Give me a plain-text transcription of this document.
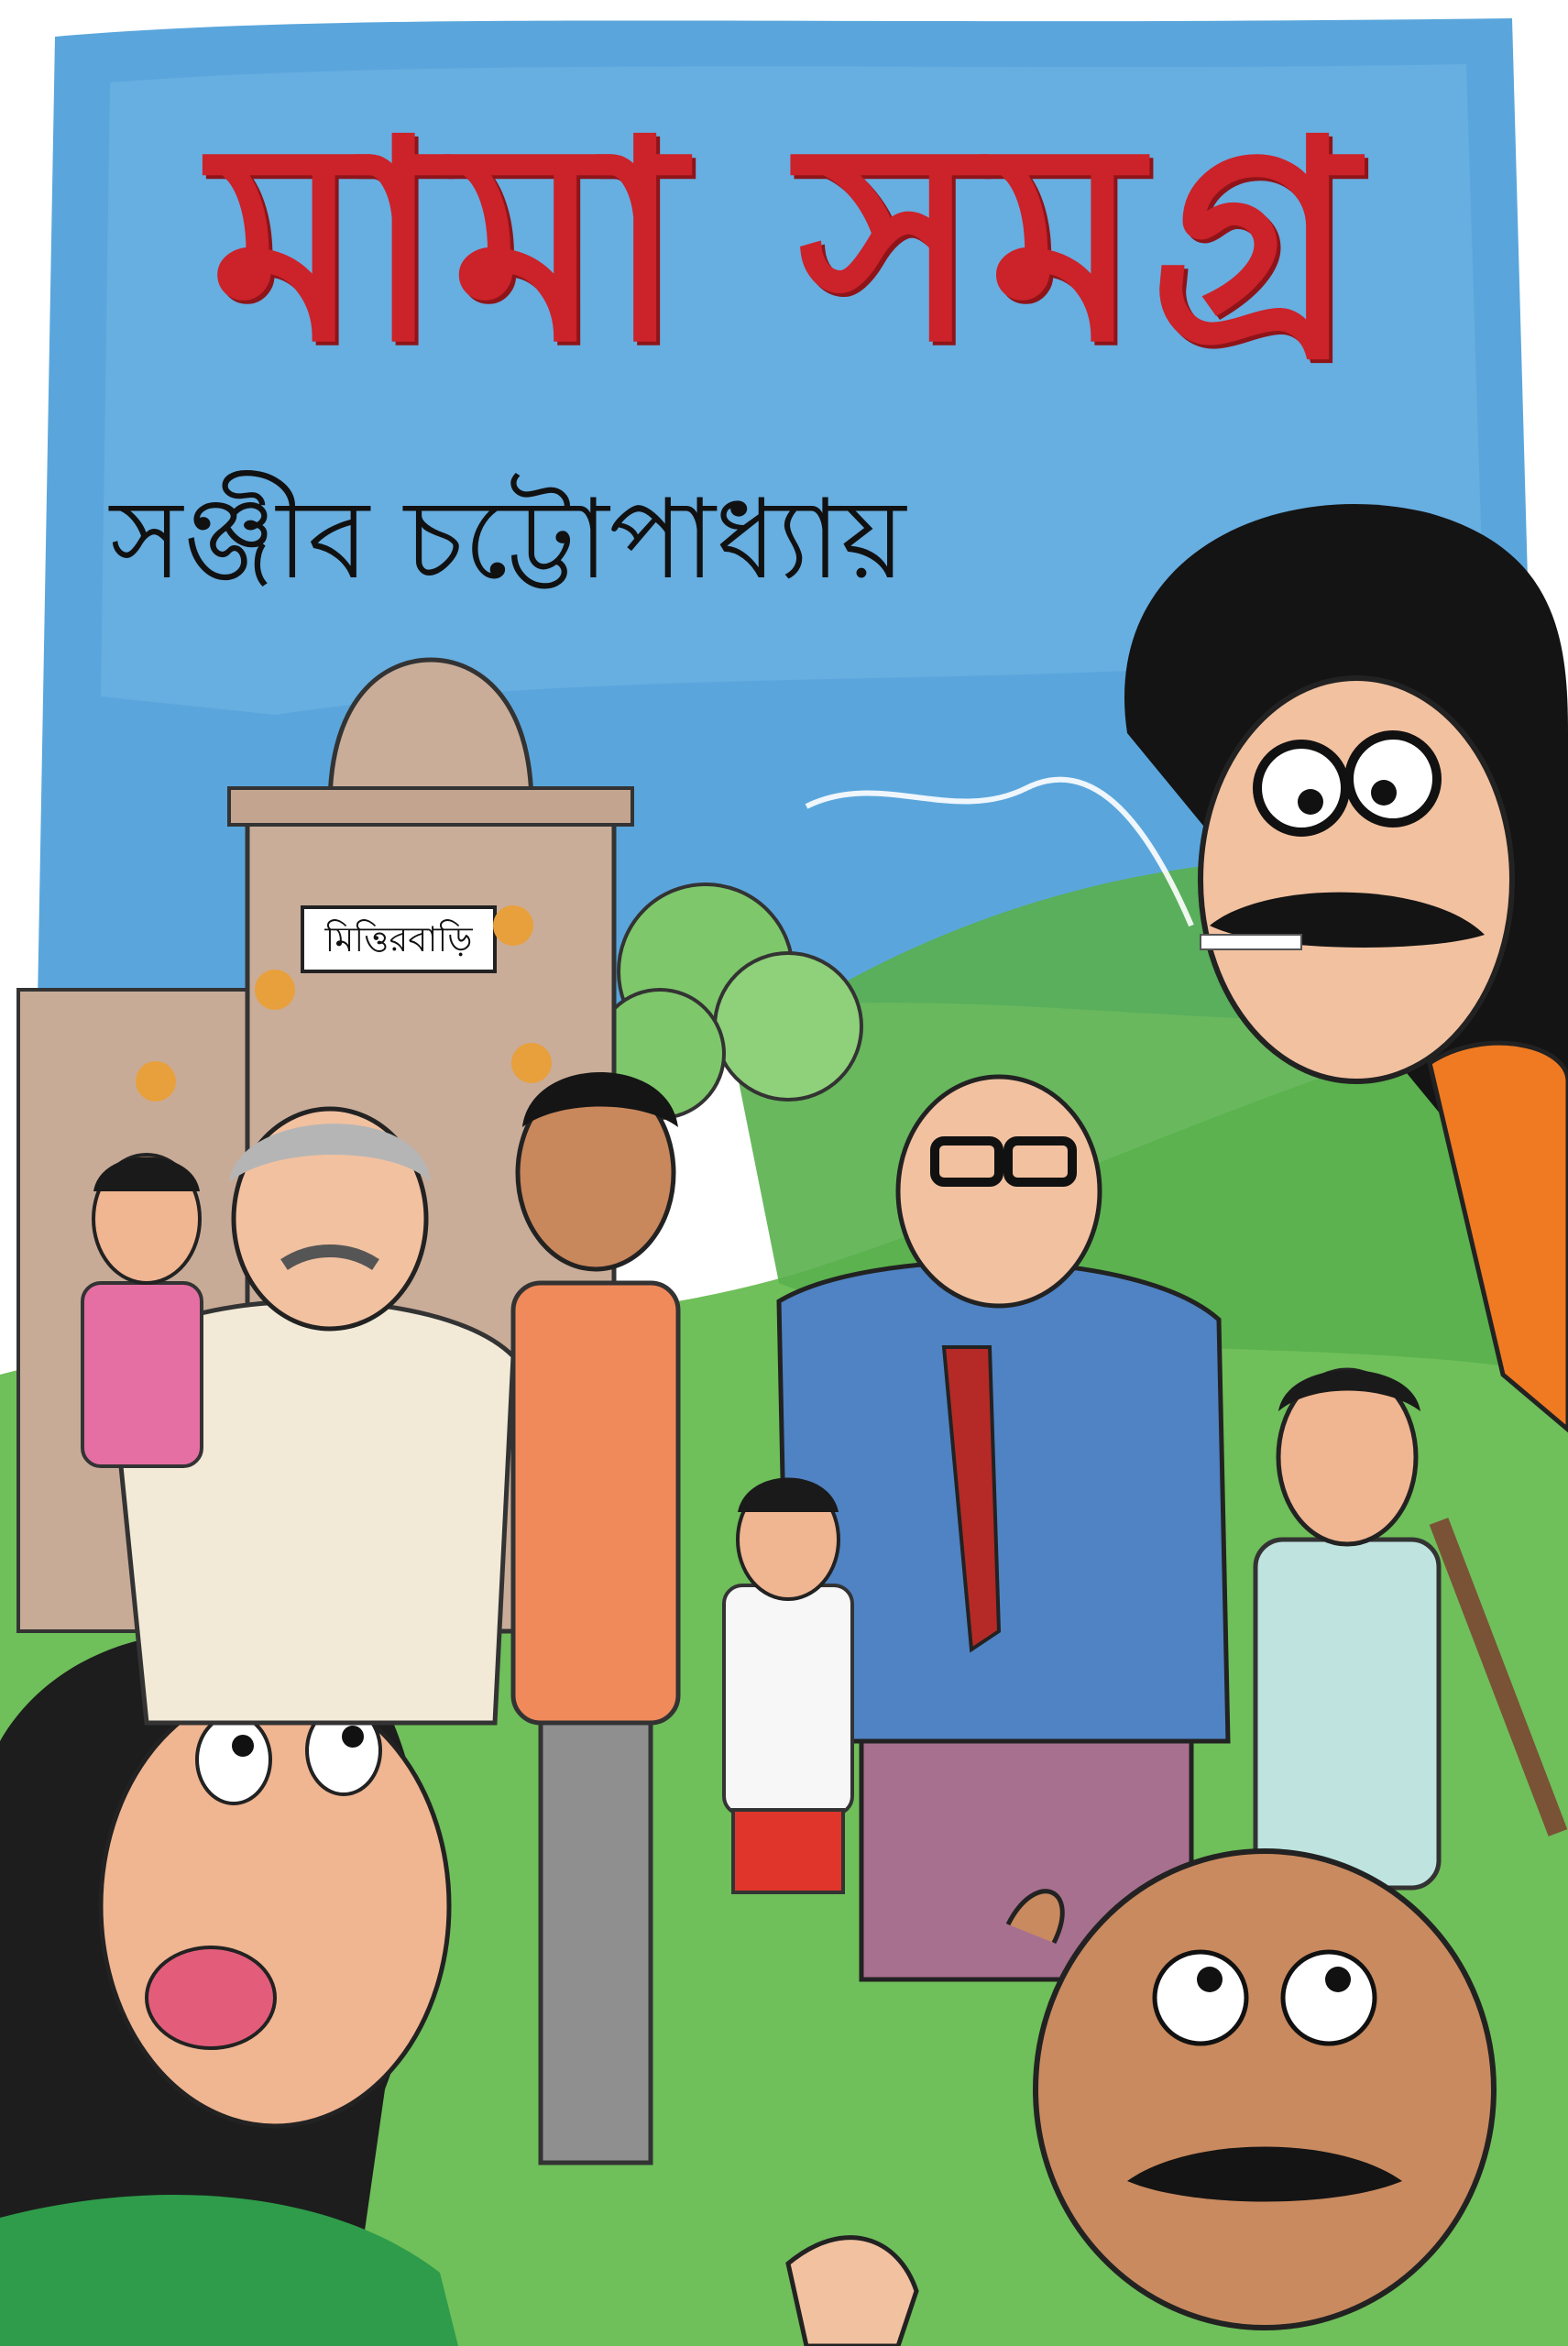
মিত্তিরবাড়ি
মামা সমগ্র
সঞ্জীব চট্টোপাধ্যায়
